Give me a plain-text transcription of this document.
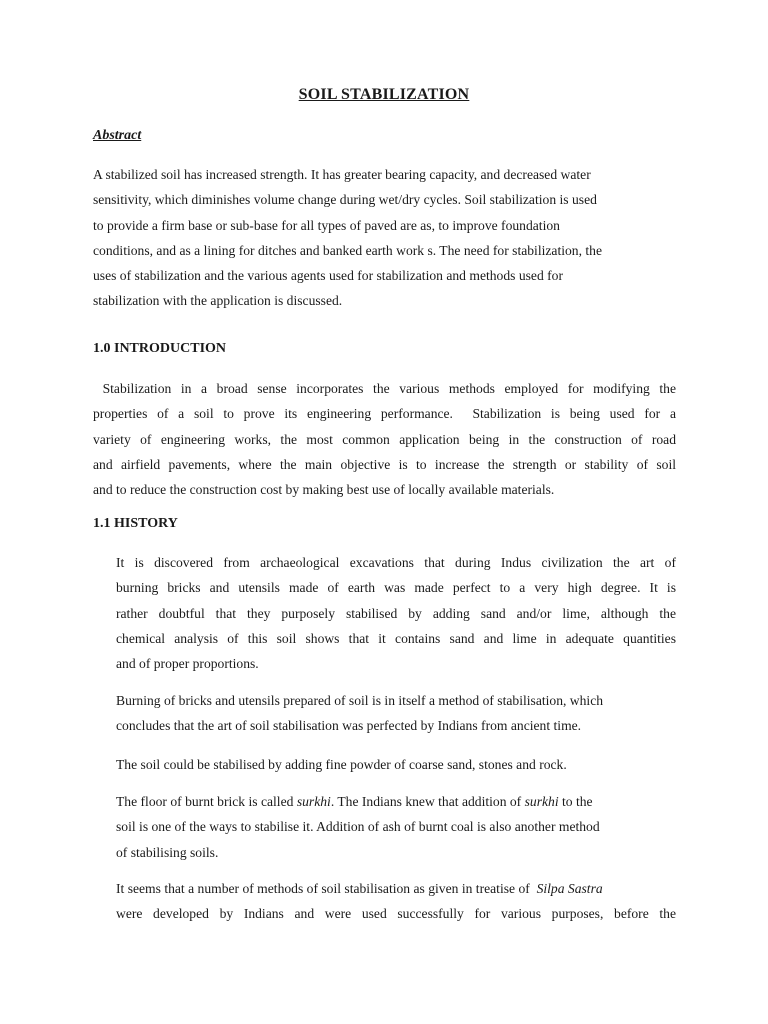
SOIL STABILIZATION
Abstract
A stabilized soil has increased strength. It has greater bearing capacity, and decreased water
sensitivity, which diminishes volume change during wet/dry cycles. Soil stabilization is used
to provide a firm base or sub-base for all types of paved are as, to improve foundation
conditions, and as a lining for ditches and banked earth work s. The need for stabilization, the
uses of stabilization and the various agents used for stabilization and methods used for
stabilization with the application is discussed.
1.0 INTRODUCTION
Stabilization in a broad sense incorporates the various methods employed for modifying the
properties of a soil to prove its engineering performance.  Stabilization is being used for a
variety of engineering works, the most common application being in the construction of road
and airfield pavements, where the main objective is to increase the strength or stability of soil
and to reduce the construction cost by making best use of locally available materials.
1.1 HISTORY
It is discovered from archaeological excavations that during Indus civilization the art of
burning bricks and utensils made of earth was made perfect to a very high degree. It is
rather doubtful that they purposely stabilised by adding sand and/or lime, although the
chemical analysis of this soil shows that it contains sand and lime in adequate quantities
and of proper proportions.
Burning of bricks and utensils prepared of soil is in itself a method of stabilisation, which
concludes that the art of soil stabilisation was perfected by Indians from ancient time.
The soil could be stabilised by adding fine powder of coarse sand, stones and rock.
The floor of burnt brick is called surkhi. The Indians knew that addition of surkhi to the
soil is one of the ways to stabilise it. Addition of ash of burnt coal is also another method
of stabilising soils.
It seems that a number of methods of soil stabilisation as given in treatise of  Silpa Sastra
were developed by Indians and were used successfully for various purposes, before the
